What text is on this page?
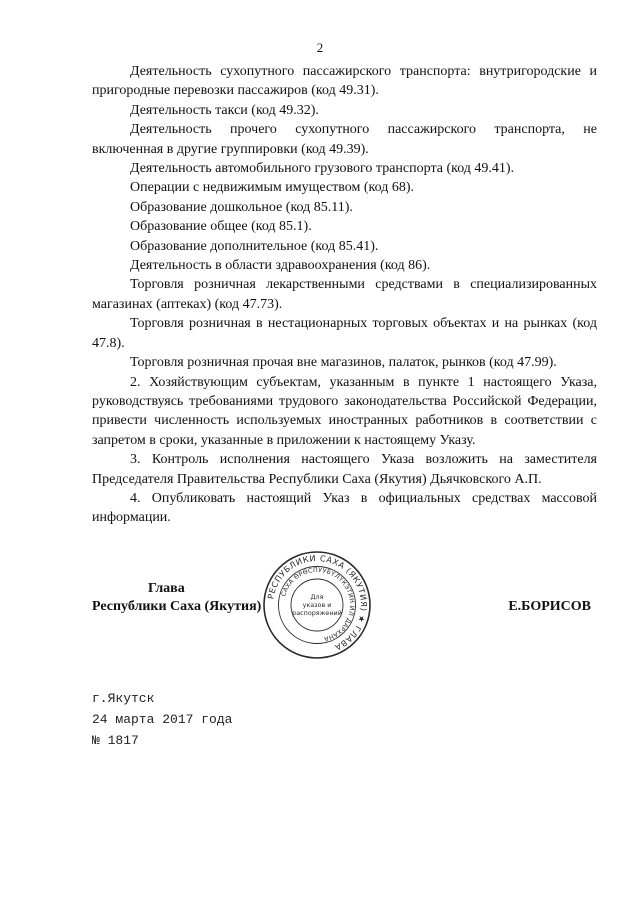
2

Деятельность сухопутного пассажирского транспорта: внутригородские и пригородные перевозки пассажиров (код 49.31).

Деятельность такси (код 49.32).

Деятельность прочего сухопутного пассажирского транспорта, не включенная в другие группировки (код 49.39).

Деятельность автомобильного грузового транспорта (код 49.41).

Операции с недвижимым имуществом (код 68).

Образование дошкольное (код 85.11).

Образование общее (код 85.1).

Образование дополнительное (код 85.41).

Деятельность в области здравоохранения (код 86).

Торговля розничная лекарственными средствами в специализированных магазинах (аптеках) (код 47.73).

Торговля розничная в нестационарных торговых объектах и на рынках (код 47.8).

Торговля розничная прочая вне магазинов, палаток, рынков (код 47.99).

2. Хозяйствующим субъектам, указанным в пункте 1 настоящего Указа, руководствуясь требованиями трудового законодательства Российской Федерации, привести численность используемых иностранных работников в соответствии с запретом в сроки, указанные в приложении к настоящему Указу.

3. Контроль исполнения настоящего Указа возложить на заместителя Председателя Правительства Республики Саха (Якутия) Дьячковского А.П.

4. Опубликовать настоящий Указ в официальных средствах массовой информации.

Глава
Республики Саха (Якутия)	Е.БОРИСОВ
РЕСПУБЛИКИ САХА (ЯКУТИЯ) ★ ГЛАВА
САХА ӨРӨСПУУБҮЛҮКЭТИН ИЛ ДАРХАНА
Для
указов и
распоряжений
г.Якутск
24 марта 2017 года
№ 1817
